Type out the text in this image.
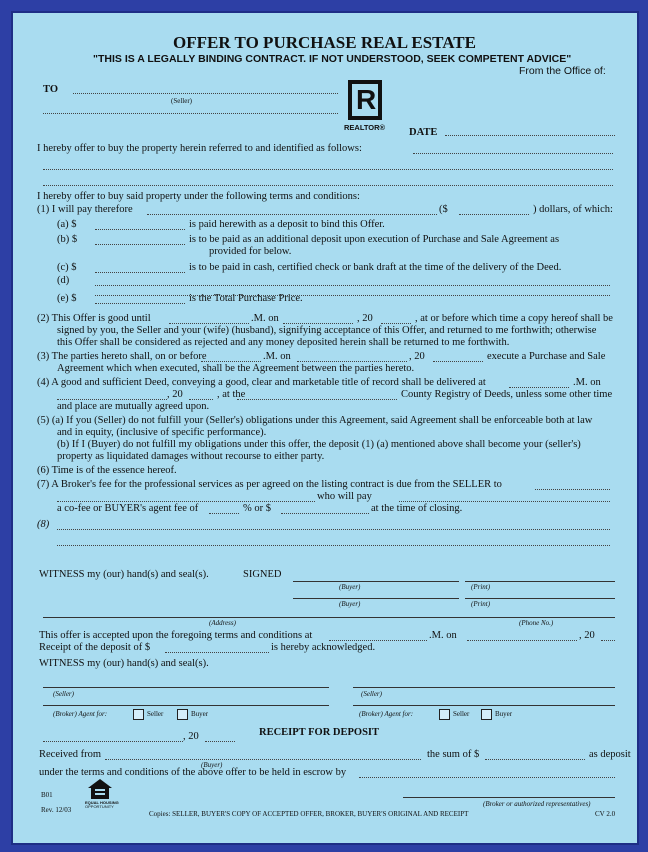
OFFER TO PURCHASE REAL ESTATE
"THIS IS A LEGALLY BINDING CONTRACT. IF NOT UNDERSTOOD, SEEK COMPETENT ADVICE"
From the Office of:
TO
(Seller)	R
REALTOR® DATE
I hereby offer to buy the property herein referred to and identified as follows:
I hereby offer to buy said property under the following terms and conditions:
(1) I will pay therefore	($	) dollars, of which:
(a) $	is paid herewith as a deposit to bind this Offer.
(b) $	is to be paid as an additional deposit upon execution of Purchase and Sale Agreement as
provided for below.
(c) $	is to be paid in cash, certified check or bank draft at the time of the delivery of the Deed.
(d)
(e) $	is the Total Purchase Price.
(2) This Offer is good until	.M. on	, 20	, at or before which time a copy hereof shall be
signed by you, the Seller and your (wife) (husband), signifying acceptance of this Offer, and returned to me forthwith; otherwise
this Offer shall be considered as rejected and any money deposited herein shall be returned to me forthwith.
(3) The parties hereto shall, on or before	.M. on	, 20	execute a Purchase and Sale
Agreement which when executed, shall be the Agreement between the parties hereto.
(4) A good and sufficient Deed, conveying a good, clear and marketable title of record shall be delivered at	.M. on
, 20	, at the	County Registry of Deeds, unless some other time
and place are mutually agreed upon.
(5) (a) If you (Seller) do not fulfill your (Seller's) obligations under this Agreement, said Agreement shall be enforceable both at law
and in equity, (inclusive of specific performance).
(b) If I (Buyer) do not fulfill my obligations under this offer, the deposit (1) (a) mentioned above shall become your (seller's)
property as liquidated damages without recourse to either party.
(6) Time is of the essence hereof.
(7) A Broker's fee for the professional services as per agreed on the listing contract is due from the SELLER to
who will pay
a co-fee or BUYER's agent fee of	% or $	at the time of closing.
(8)
WITNESS my (our) hand(s) and seal(s).	SIGNED
(Buyer)	(Print)
(Buyer)	(Print)
(Address)	(Phone No.)
This offer is accepted upon the foregoing terms and conditions at	.M. on	, 20
Receipt of the deposit of $	is hereby acknowledged.
WITNESS my (our) hand(s) and seal(s).
(Seller)	(Seller)
(Broker) Agent for:	Seller	Buyer	(Broker) Agent for:	Seller	Buyer
, 20	RECEIPT FOR DEPOSIT
Received from
(Buyer)
the sum of $	as deposit
under the terms and conditions of the above offer to be held in escrow by
EQUAL HOUSING
OPPORTUNITY
B01
Rev. 12/03
(Broker or authorized representatives)
Copies: SELLER, BUYER'S COPY OF ACCEPTED OFFER, BROKER, BUYER'S ORIGINAL AND RECEIPT	CV 2.0
